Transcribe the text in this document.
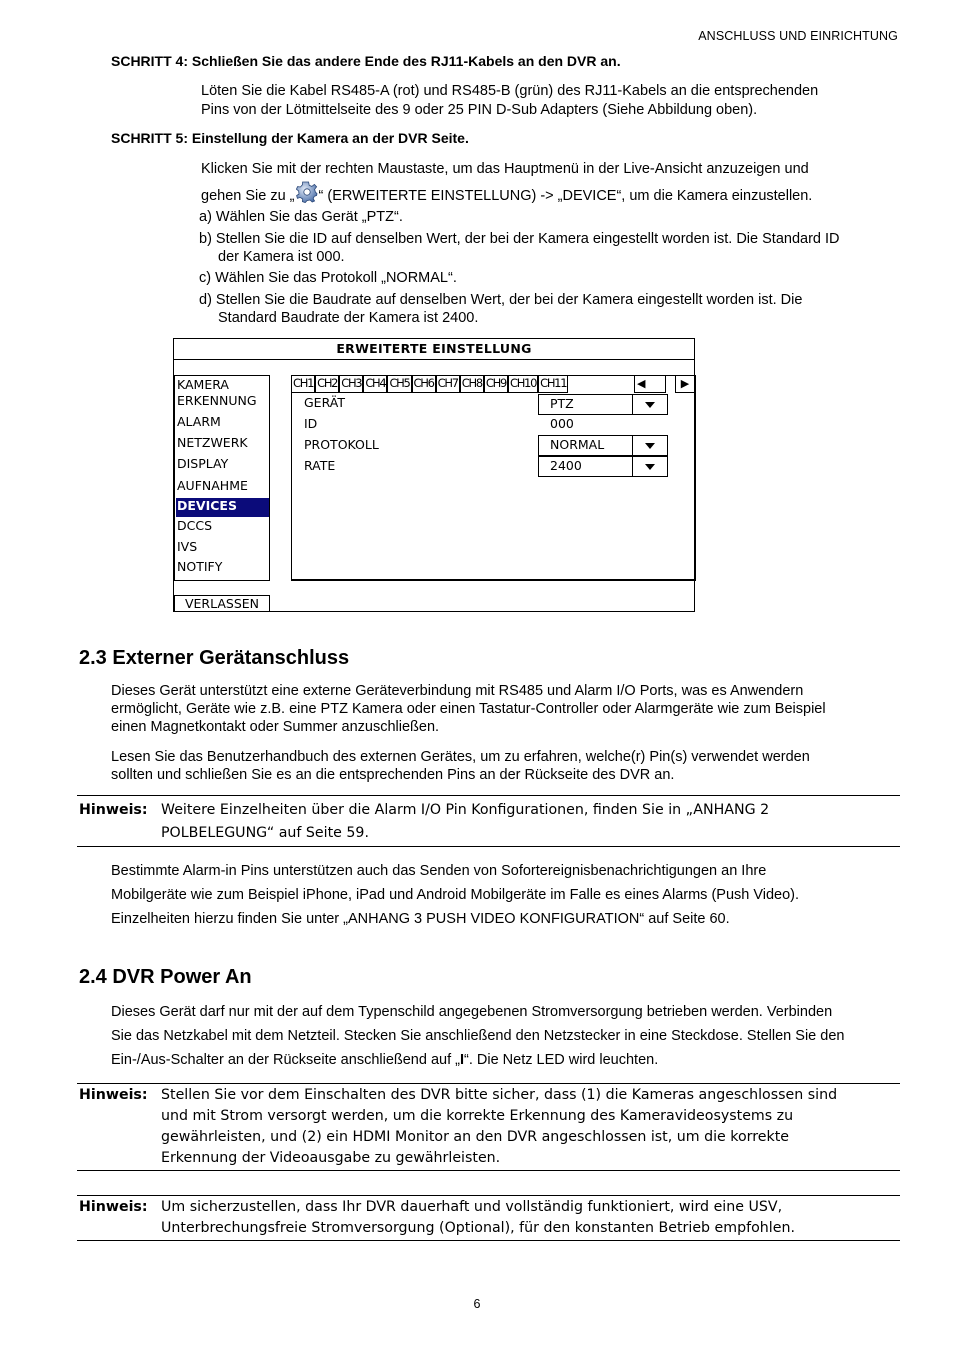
ANSCHLUSS UND EINRICHTUNG
SCHRITT 4: Schließen Sie das andere Ende des RJ11-Kabels an den DVR an.
Löten Sie die Kabel RS485-A (rot) und RS485-B (grün) des RJ11-Kabels an die entsprechenden
Pins von der Lötmittelseite des 9 oder 25 PIN D-Sub Adapters (Siehe Abbildung oben).
SCHRITT 5: Einstellung der Kamera an der DVR Seite.
Klicken Sie mit der rechten Maustaste, um das Hauptmenü in der Live-Ansicht anzuzeigen und
gehen Sie zu „ “ (ERWEITERTE EINSTELLUNG) -> „DEVICE“, um die Kamera einzustellen.
a) Wählen Sie das Gerät „PTZ“.
b) Stellen Sie die ID auf denselben Wert, der bei der Kamera eingestellt worden ist. Die Standard ID
der Kamera ist 000.
c) Wählen Sie das Protokoll „NORMAL“.
d) Stellen Sie die Baudrate auf denselben Wert, der bei der Kamera eingestellt worden ist. Die
Standard Baudrate der Kamera ist 2400.
ERWEITERTE EINSTELLUNG
KAMERA
ERKENNUNG
ALARM
NETZWERK
DISPLAY
AUFNAHME
DEVICES
DCCS
IVS
NOTIFY
CH1 CH2 CH3 CH4 CH5 CH6 CH7 CH8 CH9 CH10 CH11	◀	▶
GERÄT	PTZ
ID	000
PROTOKOLL	NORMAL
RATE	2400
VERLASSEN
2.3 Externer Gerätanschluss
Dieses Gerät unterstützt eine externe Geräteverbindung mit RS485 und Alarm I/O Ports, was es Anwendern
ermöglicht, Geräte wie z.B. eine PTZ Kamera oder einen Tastatur-Controller oder Alarmgeräte wie zum Beispiel
einen Magnetkontakt oder Summer anzuschließen.
Lesen Sie das Benutzerhandbuch des externen Gerätes, um zu erfahren, welche(r) Pin(s) verwendet werden
sollten und schließen Sie es an die entsprechenden Pins an der Rückseite des DVR an.
Hinweis: Weitere Einzelheiten über die Alarm I/O Pin Konfigurationen, finden Sie in „ANHANG 2
POLBELEGUNG“ auf Seite 59.
Bestimmte Alarm-in Pins unterstützen auch das Senden von Sofortereignisbenachrichtigungen an Ihre
Mobilgeräte wie zum Beispiel iPhone, iPad und Android Mobilgeräte im Falle es eines Alarms (Push Video).
Einzelheiten hierzu finden Sie unter „ANHANG 3 PUSH VIDEO KONFIGURATION“ auf Seite 60.
2.4 DVR Power An
Dieses Gerät darf nur mit der auf dem Typenschild angegebenen Stromversorgung betrieben werden. Verbinden
Sie das Netzkabel mit dem Netzteil. Stecken Sie anschließend den Netzstecker in eine Steckdose. Stellen Sie den
Ein-/Aus-Schalter an der Rückseite anschließend auf „I“. Die Netz LED wird leuchten.
Hinweis: Stellen Sie vor dem Einschalten des DVR bitte sicher, dass (1) die Kameras angeschlossen sind
und mit Strom versorgt werden, um die korrekte Erkennung des Kameravideosystems zu
gewährleisten, und (2) ein HDMI Monitor an den DVR angeschlossen ist, um die korrekte
Erkennung der Videoausgabe zu gewährleisten.
Hinweis: Um sicherzustellen, dass Ihr DVR dauerhaft und vollständig funktioniert, wird eine USV,
Unterbrechungsfreie Stromversorgung (Optional), für den konstanten Betrieb empfohlen.
6
